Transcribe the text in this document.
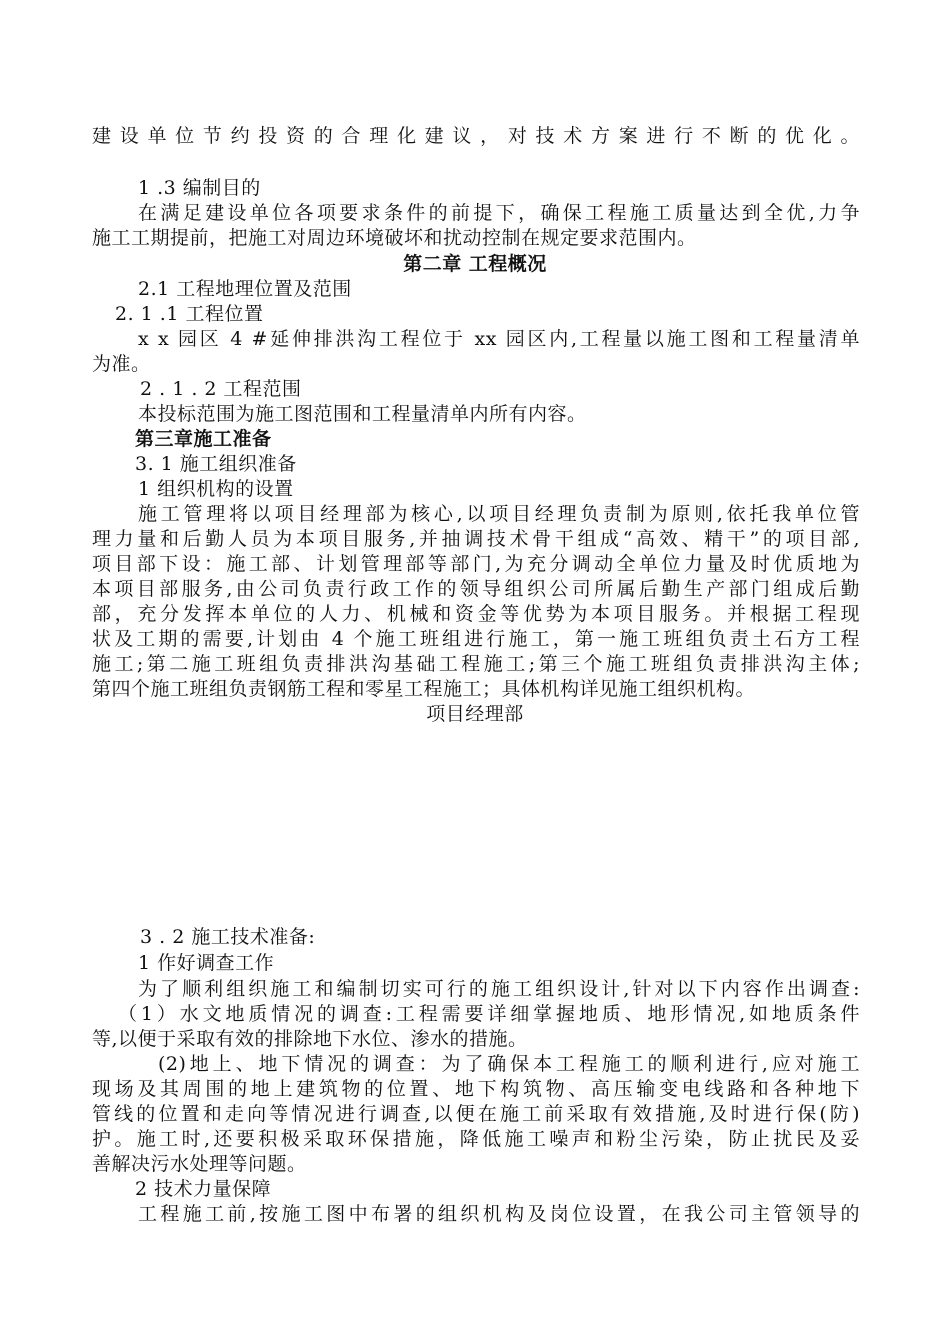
建设单位节约投资的合理化建议，对技术方案进行不断的优化。
1 .3 编制目的
在满足建设单位各项要求条件的前提下，确保工程施工质量达到全优,力争
施工工期提前，把施工对周边环境破坏和扰动控制在规定要求范围内。
第二章 工程概况
2.1 工程地理位置及范围
2. 1 .1 工程位置
x x 园区 4 #延伸排洪沟工程位于 xx 园区内,工程量以施工图和工程量清单
为准。
2 . 1 . 2 工程范围
本投标范围为施工图范围和工程量清单内所有内容。
第三章施工准备
3. 1 施工组织准备
1 组织机构的设置
施工管理将以项目经理部为核心,以项目经理负责制为原则,依托我单位管
理力量和后勤人员为本项目服务,并抽调技术骨干组成“高效、精干”的项目部,
项目部下设：施工部、计划管理部等部门,为充分调动全单位力量及时优质地为
本项目部服务,由公司负责行政工作的领导组织公司所属后勤生产部门组成后勤
部，充分发挥本单位的人力、机械和资金等优势为本项目服务。并根据工程现
状及工期的需要,计划由 4 个施工班组进行施工，第一施工班组负责土石方工程
施工;第二施工班组负责排洪沟基础工程施工;第三个施工班组负责排洪沟主体;
第四个施工班组负责钢筋工程和零星工程施工；具体机构详见施工组织机构。
项目经理部
3 . 2 施工技术准备:
1 作好调查工作
为了顺利组织施工和编制切实可行的施工组织设计,针对以下内容作出调查:
（1）水文地质情况的调查:工程需要详细掌握地质、地形情况,如地质条件
等,以便于采取有效的排除地下水位、渗水的措施。
(2)地上、地下情况的调查：为了确保本工程施工的顺利进行,应对施工
现场及其周围的地上建筑物的位置、地下构筑物、高压输变电线路和各种地下
管线的位置和走向等情况进行调查,以便在施工前采取有效措施,及时进行保(防)
护。施工时,还要积极采取环保措施，降低施工噪声和粉尘污染，防止扰民及妥
善解决污水处理等问题。
2 技术力量保障
工程施工前,按施工图中布署的组织机构及岗位设置，在我公司主管领导的
